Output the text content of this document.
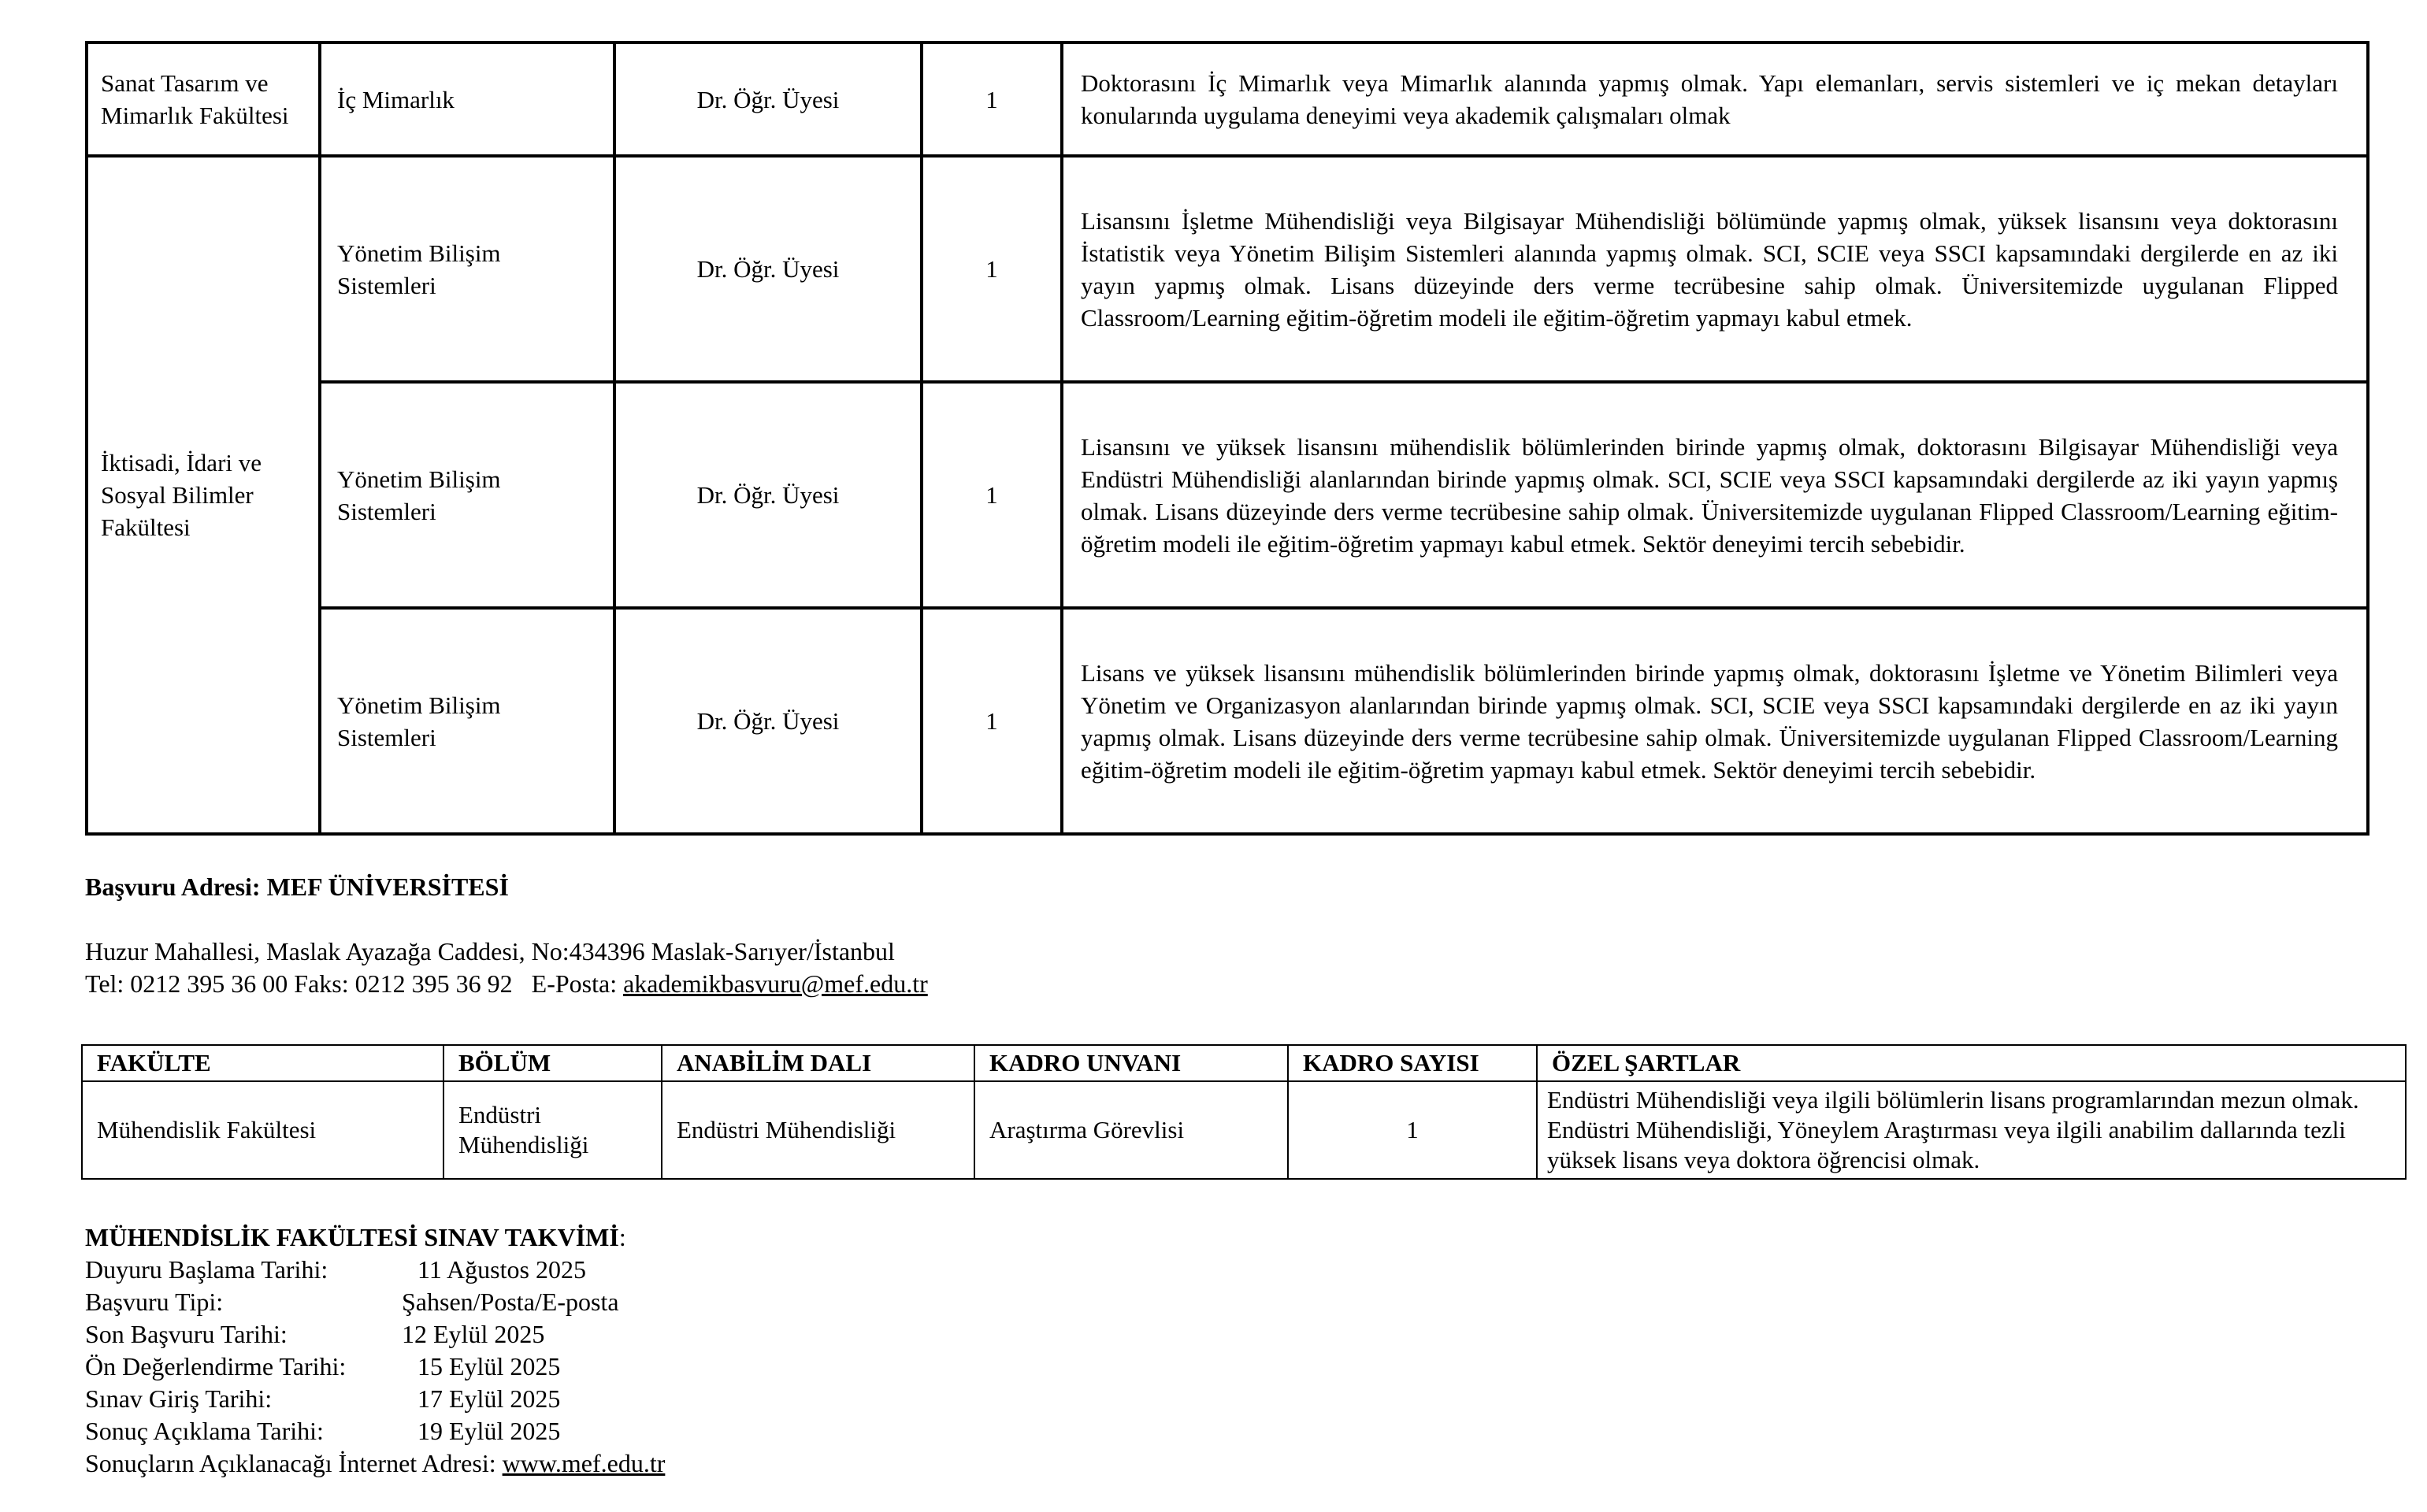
Sanat Tasarım ve Mimarlık Fakültesi	İç Mimarlık	Dr. Öğr. Üyesi	1	Doktorasını İç Mimarlık veya Mimarlık alanında yapmış olmak. Yapı elemanları, servis sistemleri ve iç mekan detayları konularında uygulama deneyimi veya akademik çalışmaları olmak
İktisadi, İdari ve Sosyal Bilimler Fakültesi	Yönetim Bilişim Sistemleri	Dr. Öğr. Üyesi	1	Lisansını İşletme Mühendisliği veya Bilgisayar Mühendisliği bölümünde yapmış olmak, yüksek lisansını veya doktorasını İstatistik veya Yönetim Bilişim Sistemleri alanında yapmış olmak. SCI, SCIE veya SSCI kapsamındaki dergilerde en az iki yayın yapmış olmak. Lisans düzeyinde ders verme tecrübesine sahip olmak. Üniversitemizde uygulanan Flipped Classroom/Learning eğitim-öğretim modeli ile eğitim-öğretim yapmayı kabul etmek.
	Yönetim Bilişim Sistemleri	Dr. Öğr. Üyesi	1	Lisansını ve yüksek lisansını mühendislik bölümlerinden birinde yapmış olmak, doktorasını Bilgisayar Mühendisliği veya Endüstri Mühendisliği alanlarından birinde yapmış olmak. SCI, SCIE veya SSCI kapsamındaki dergilerde az iki yayın yapmış olmak. Lisans düzeyinde ders verme tecrübesine sahip olmak. Üniversitemizde uygulanan Flipped Classroom/Learning eğitim-öğretim modeli ile eğitim-öğretim yapmayı kabul etmek. Sektör deneyimi tercih sebebidir.
	Yönetim Bilişim Sistemleri	Dr. Öğr. Üyesi	1	Lisans ve yüksek lisansını mühendislik bölümlerinden birinde yapmış olmak, doktorasını İşletme ve Yönetim Bilimleri veya Yönetim ve Organizasyon alanlarından birinde yapmış olmak. SCI, SCIE veya SSCI kapsamındaki dergilerde en az iki yayın yapmış olmak. Lisans düzeyinde ders verme tecrübesine sahip olmak. Üniversitemizde uygulanan Flipped Classroom/Learning eğitim-öğretim modeli ile eğitim-öğretim yapmayı kabul etmek. Sektör deneyimi tercih sebebidir.
Başvuru Adresi: MEF ÜNİVERSİTESİ
Huzur Mahallesi, Maslak Ayazağa Caddesi, No:434396 Maslak-Sarıyer/İstanbul
Tel: 0212 395 36 00 Faks: 0212 395 36 92   E-Posta: akademikbasvuru@mef.edu.tr
FAKÜLTE	BÖLÜM	ANABİLİM DALI	KADRO UNVANI	KADRO SAYISI	ÖZEL ŞARTLAR
Mühendislik Fakültesi	Endüstri Mühendisliği	Endüstri Mühendisliği	Araştırma Görevlisi	1	Endüstri Mühendisliği veya ilgili bölümlerin lisans programlarından mezun olmak. Endüstri Mühendisliği, Yöneylem Araştırması veya ilgili anabilim dallarında tezli yüksek lisans veya doktora öğrencisi olmak.
MÜHENDİSLİK FAKÜLTESİ SINAV TAKVİMİ:
Duyuru Başlama Tarihi:	11 Ağustos 2025
Başvuru Tipi:	Şahsen/Posta/E-posta
Son Başvuru Tarihi:	12 Eylül 2025
Ön Değerlendirme Tarihi:	15 Eylül 2025
Sınav Giriş Tarihi:	17 Eylül 2025
Sonuç Açıklama Tarihi:	19 Eylül 2025
Sonuçların Açıklanacağı İnternet Adresi: www.mef.edu.tr
